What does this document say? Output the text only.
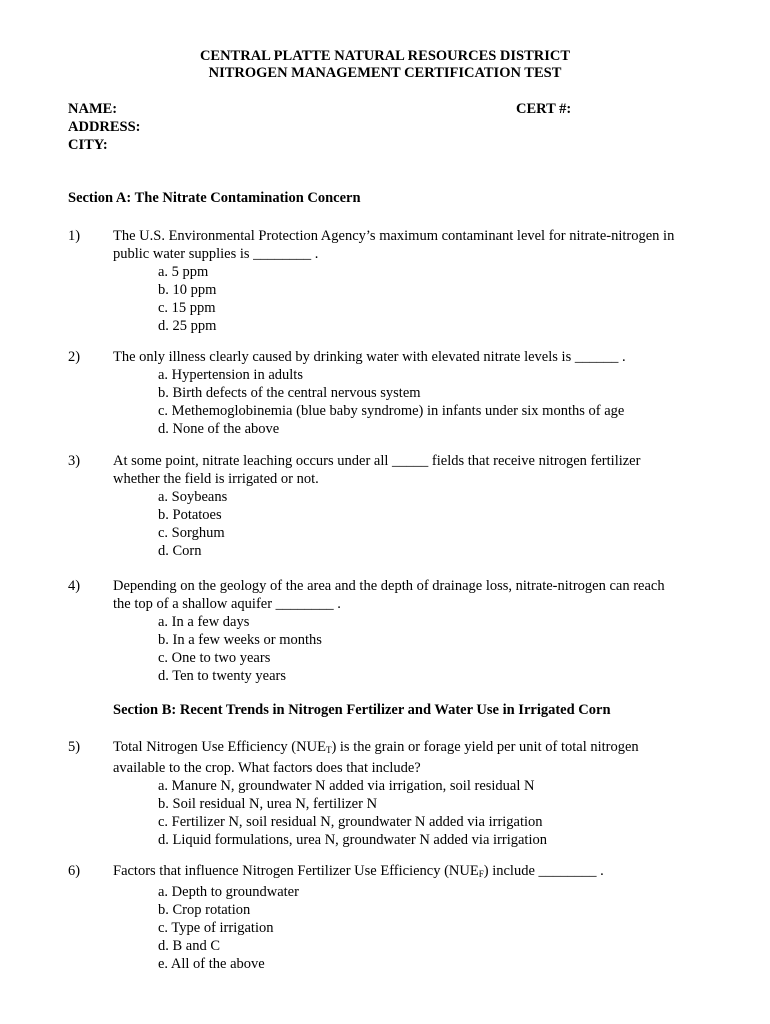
CENTRAL PLATTE NATURAL RESOURCES DISTRICT
NITROGEN MANAGEMENT CERTIFICATION TEST
NAME:	CERT #:
ADDRESS:
CITY:
Section A: The Nitrate Contamination Concern
1) The U.S. Environmental Protection Agency’s maximum contaminant level for nitrate-nitrogen in
public water supplies is ________ .
a. 5 ppm
b. 10 ppm
c. 15 ppm
d. 25 ppm
2) The only illness clearly caused by drinking water with elevated nitrate levels is ______ .
a. Hypertension in adults
b. Birth defects of the central nervous system
c. Methemoglobinemia (blue baby syndrome) in infants under six months of age
d. None of the above
3) At some point, nitrate leaching occurs under all _____ fields that receive nitrogen fertilizer
whether the field is irrigated or not.
a. Soybeans
b. Potatoes
c. Sorghum
d. Corn
4) Depending on the geology of the area and the depth of drainage loss, nitrate-nitrogen can reach
the top of a shallow aquifer ________ .
a. In a few days
b. In a few weeks or months
c. One to two years
d. Ten to twenty years
Section B: Recent Trends in Nitrogen Fertilizer and Water Use in Irrigated Corn
5) Total Nitrogen Use Efficiency $(NUE_T)$ is the grain or forage yield per unit of total nitrogen
available to the crop. What factors does that include?
a. Manure N, groundwater N added via irrigation, soil residual N
b. Soil residual N, urea N, fertilizer N
c. Fertilizer N, soil residual N, groundwater N added via irrigation
d. Liquid formulations, urea N, groundwater N added via irrigation
6) Factors that influence Nitrogen Fertilizer Use Efficiency $(NUE_F)$ include ________ .
a. Depth to groundwater
b. Crop rotation
c. Type of irrigation
d. B and C
e. All of the above
